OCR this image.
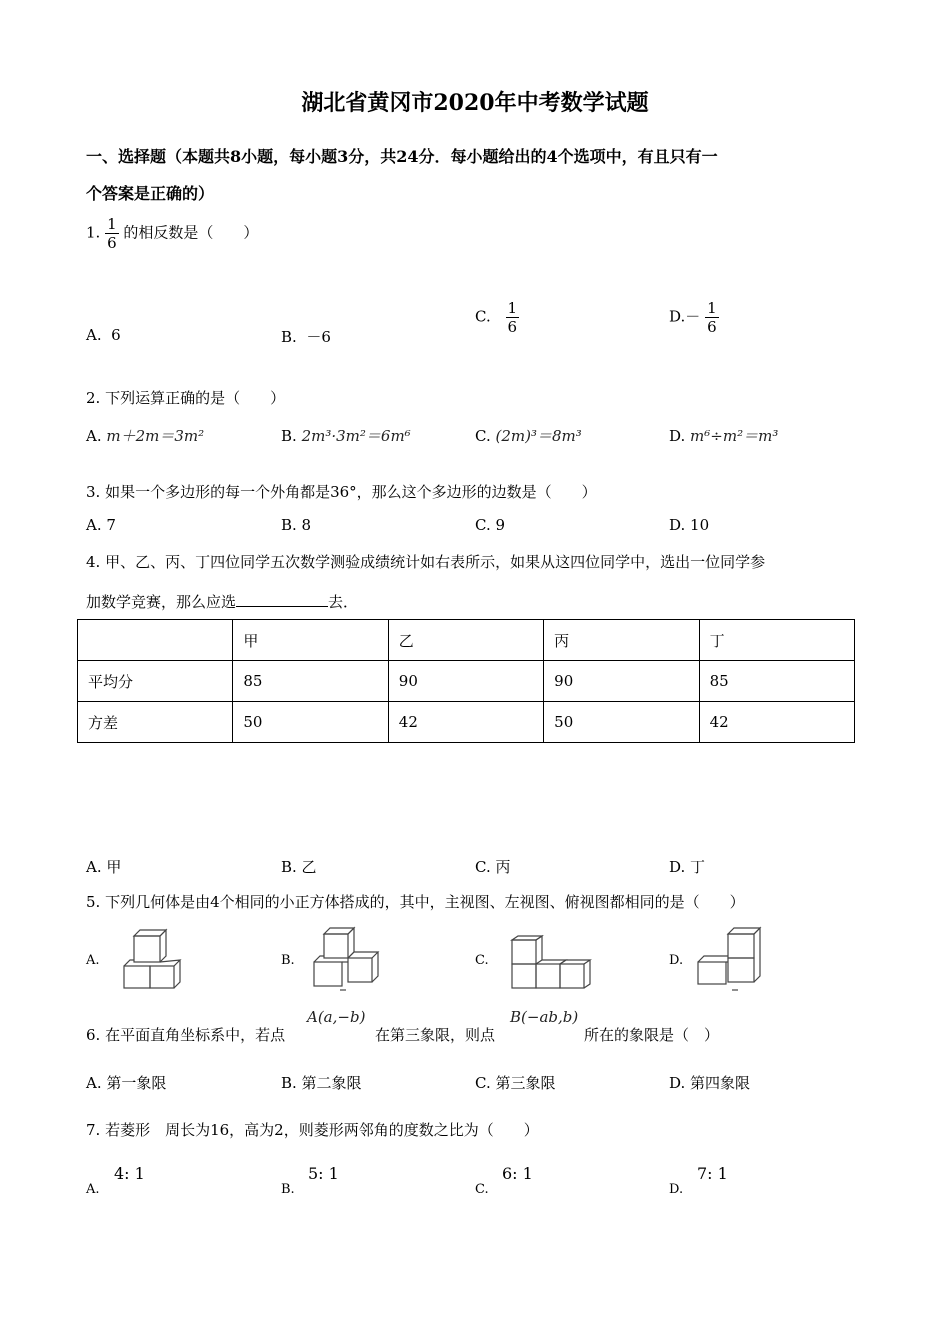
湖北省黄冈市2020年中考数学试题
一、选择题（本题共8小题，每小题3分，共24分．每小题给出的4个选项中，有且只有一
个答案是正确的）
1. $\frac{1}{6}$ 的相反数是（　　）
A. 6	B. －6
C. $\frac{1}{6}$	$D.- \frac{1}{6}$
2. 下列运算正确的是（　　）
A. m＋2m＝3m²	B. 2m³·3m²＝6m⁶	C. (2m)³＝8m³	D. m⁶÷m²＝m³
3. 如果一个多边形的每一个外角都是36°，那么这个多边形的边数是（　　）
A. 7	B. 8	C. 9	D. 10
4. 甲、乙、丙、丁四位同学五次数学测验成绩统计如右表所示，如果从这四位同学中，选出一位同学参
加数学竞赛，那么应选	去．
	甲	乙	丙	丁
平均分	85	90	90	85
方差	50	42	50	42
A. 甲	B. 乙	C. 丙	D. 丁
5. 下列几何体是由4个相同的小正方体搭成的，其中，主视图、左视图、俯视图都相同的是（　　）
A.	B.	C.	D.
6. 在平面直角坐标系中，若点
A(a,−b)
在第三象限，则点
B(−ab,b)
所在的象限是（　）
A. 第一象限	B. 第二象限	C. 第三象限	D. 第四象限
7. 若菱形　周长为16，高为2，则菱形两邻角的度数之比为（　　）
A.
4: 1
B.
5: 1
C.
6: 1
D.
7: 1
